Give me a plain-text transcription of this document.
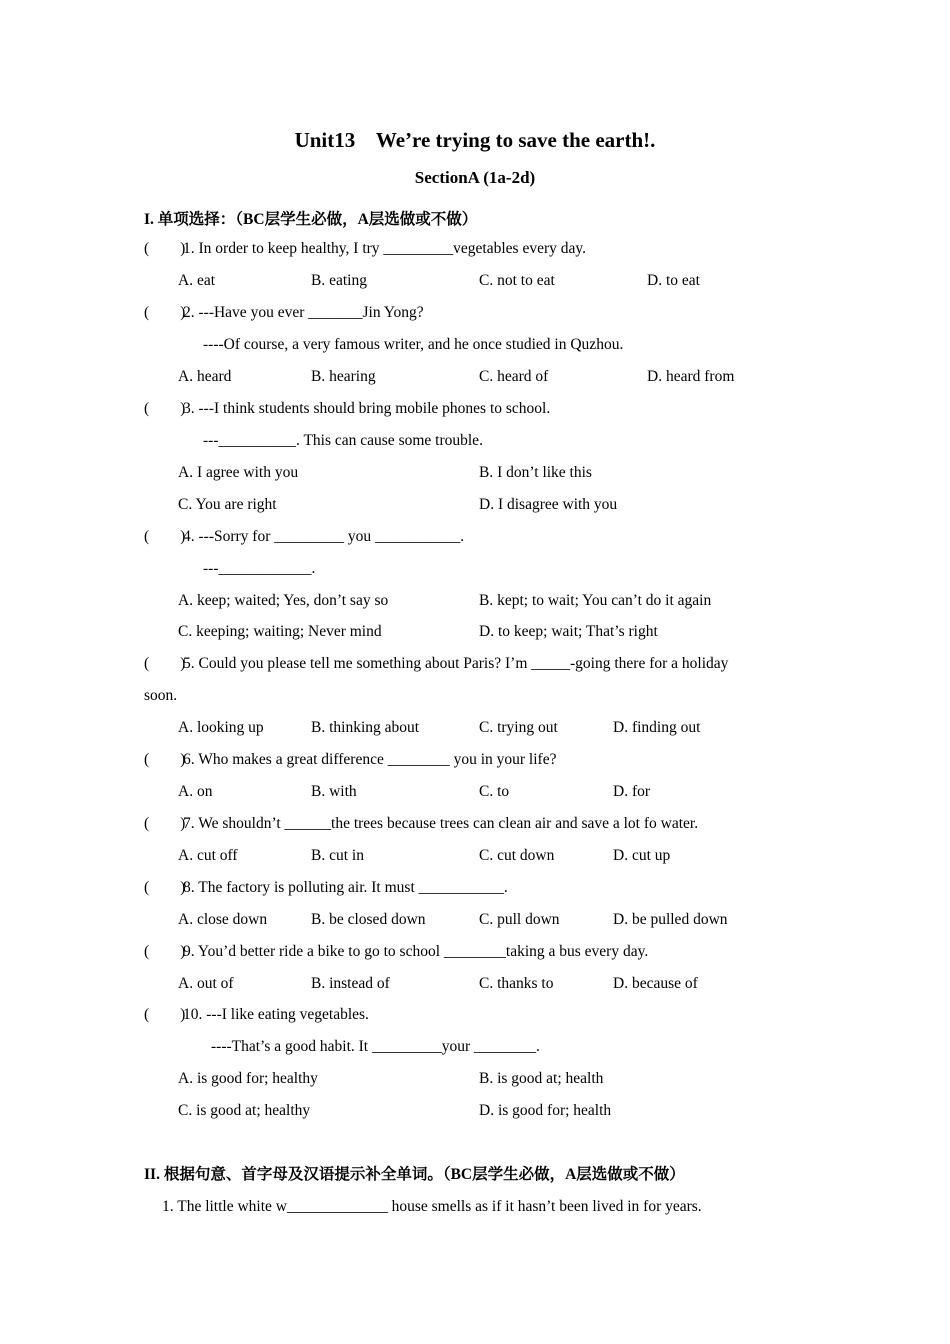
Unit13    We’re trying to save the earth!.
SectionA (1a-2d)
I. 单项选择：（BC层学生必做，A层选做或不做）
(        )
1. In order to keep healthy, I try _________vegetables every day.
A. eat	B. eating	C. not to eat	D. to eat
(        )
2. ---Have you ever _______Jin Yong?
----Of course, a very famous writer, and he once studied in Quzhou.
A. heard	B. hearing	C. heard of	D. heard from
(        )
3. ---I think students should bring mobile phones to school.
---__________. This can cause some trouble.
A. I agree with you	B. I don’t like this
C. You are right	D. I disagree with you
(        )
4. ---Sorry for _________ you ___________.
---____________.
A. keep; waited; Yes, don’t say so	B. kept; to wait; You can’t do it again
C. keeping; waiting; Never mind	D. to keep; wait; That’s right
(        )
5. Could you please tell me something about Paris? I’m _____-going there for a holiday
soon.
A. looking up	B. thinking about	C. trying out	D. finding out
(        )
6. Who makes a great difference ________ you in your life?
A. on	B. with	C. to	D. for
(        )
7. We shouldn’t ______the trees because trees can clean air and save a lot fo water.
A. cut off	B. cut in	C. cut down	D. cut up
(        )
8. The factory is polluting air. It must ___________.
A. close down	B. be closed down	C. pull down	D. be pulled down
(        )
9. You’d better ride a bike to go to school ________taking a bus every day.
A. out of	B. instead of	C. thanks to	D. because of
(        )
10. ---I like eating vegetables.
----That’s a good habit. It _________your ________.
A. is good for; healthy	B. is good at; health
C. is good at; healthy	D. is good for; health
II. 根据句意、首字母及汉语提示补全单词。（BC层学生必做，A层选做或不做）
1. The little white w_____________ house smells as if it hasn’t been lived in for years.
